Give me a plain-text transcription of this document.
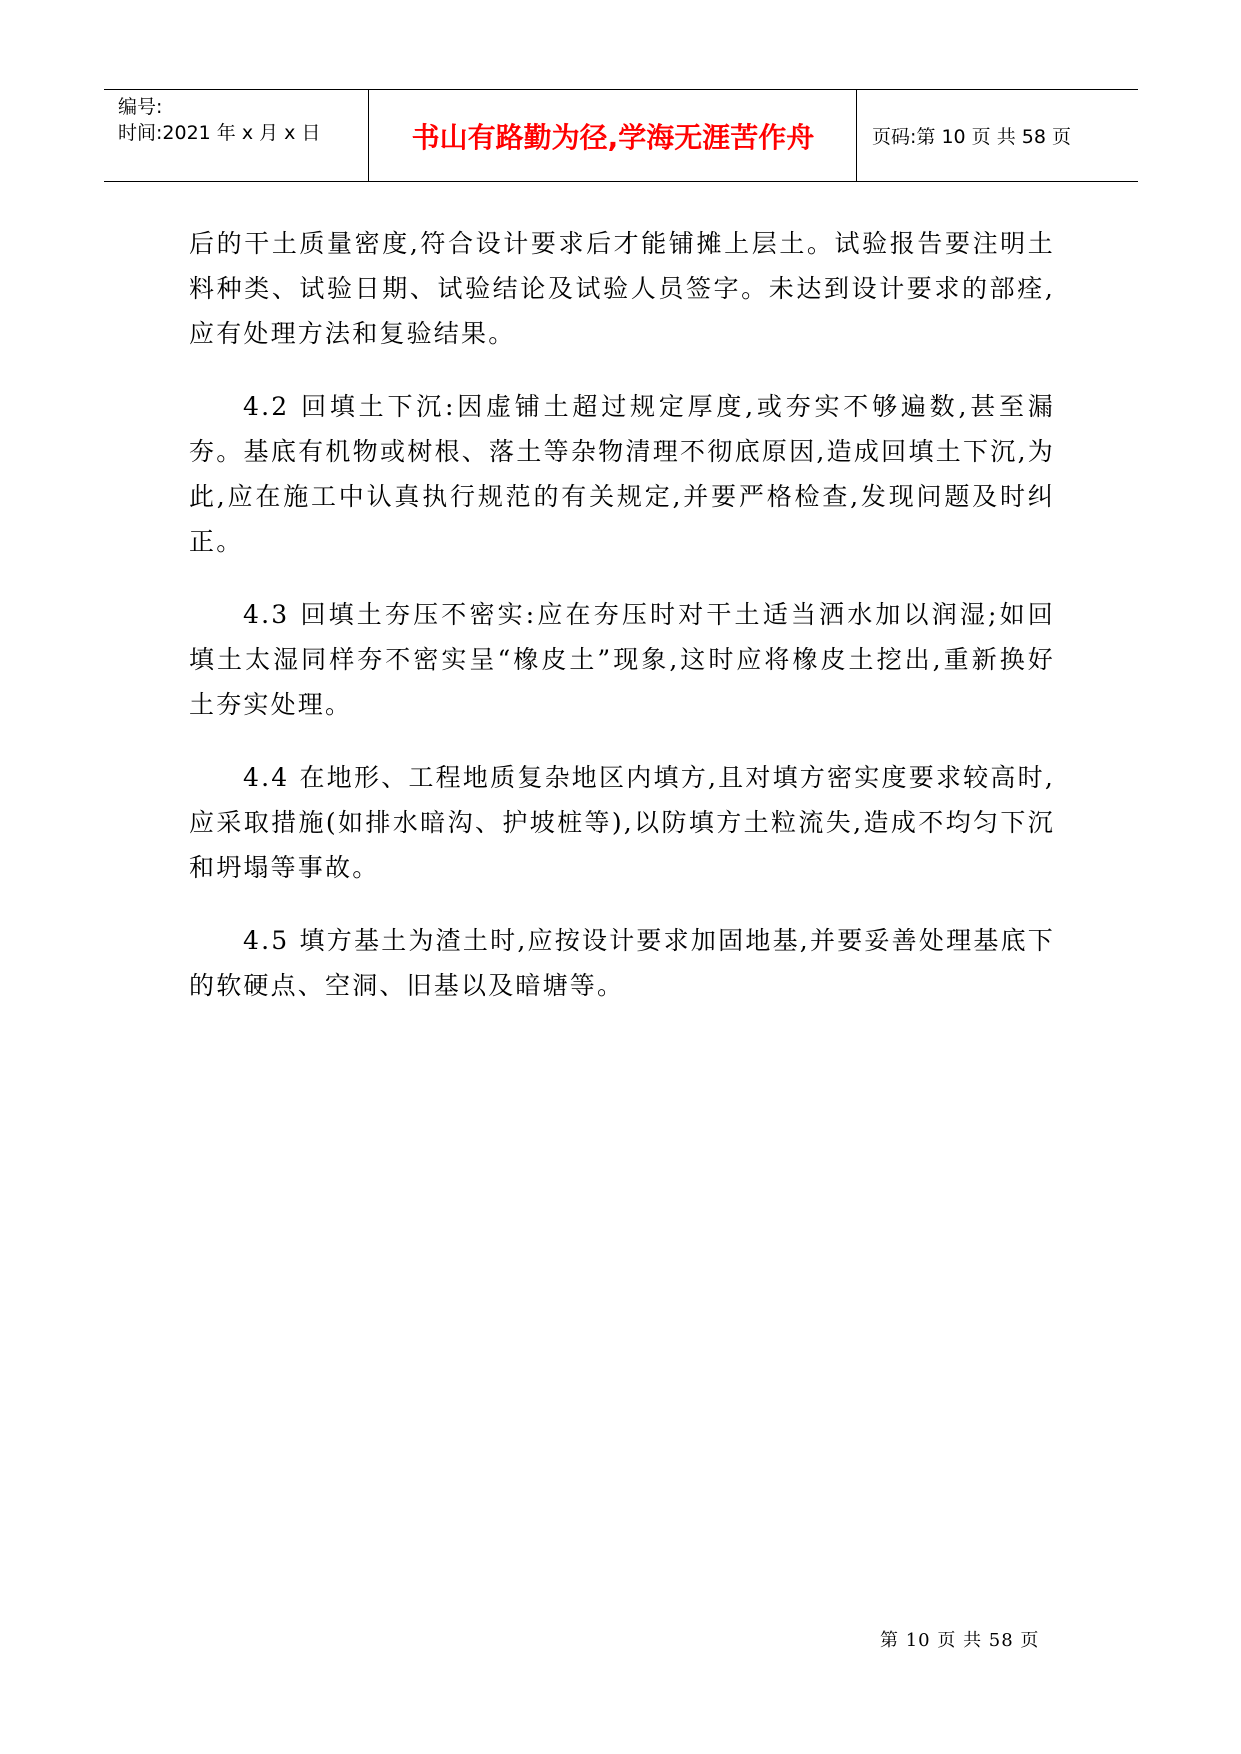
编号:
时间:2021 年 x 月 x 日	书山有路勤为径,学海无涯苦作舟	页码:第 10 页 共 58 页

后的干土质量密度,符合设计要求后才能铺摊上层土。试验报告要注明土料种类、试验日期、试验结论及试验人员签字。未达到设计要求的部痊,应有处理方法和复验结果。

4.2 回填土下沉:因虚铺土超过规定厚度,或夯实不够遍数,甚至漏夯。基底有机物或树根、落土等杂物清理不彻底原因,造成回填土下沉,为此,应在施工中认真执行规范的有关规定,并要严格检查,发现问题及时纠正。

4.3 回填土夯压不密实:应在夯压时对干土适当洒水加以润湿;如回填土太湿同样夯不密实呈“橡皮土”现象,这时应将橡皮土挖出,重新换好土夯实处理。

4.4 在地形、工程地质复杂地区内填方,且对填方密实度要求较高时,应采取措施(如排水暗沟、护坡桩等),以防填方土粒流失,造成不均匀下沉和坍塌等事故。

4.5 填方基土为渣土时,应按设计要求加固地基,并要妥善处理基底下的软硬点、空洞、旧基以及暗塘等。

第 10 页 共 58 页
